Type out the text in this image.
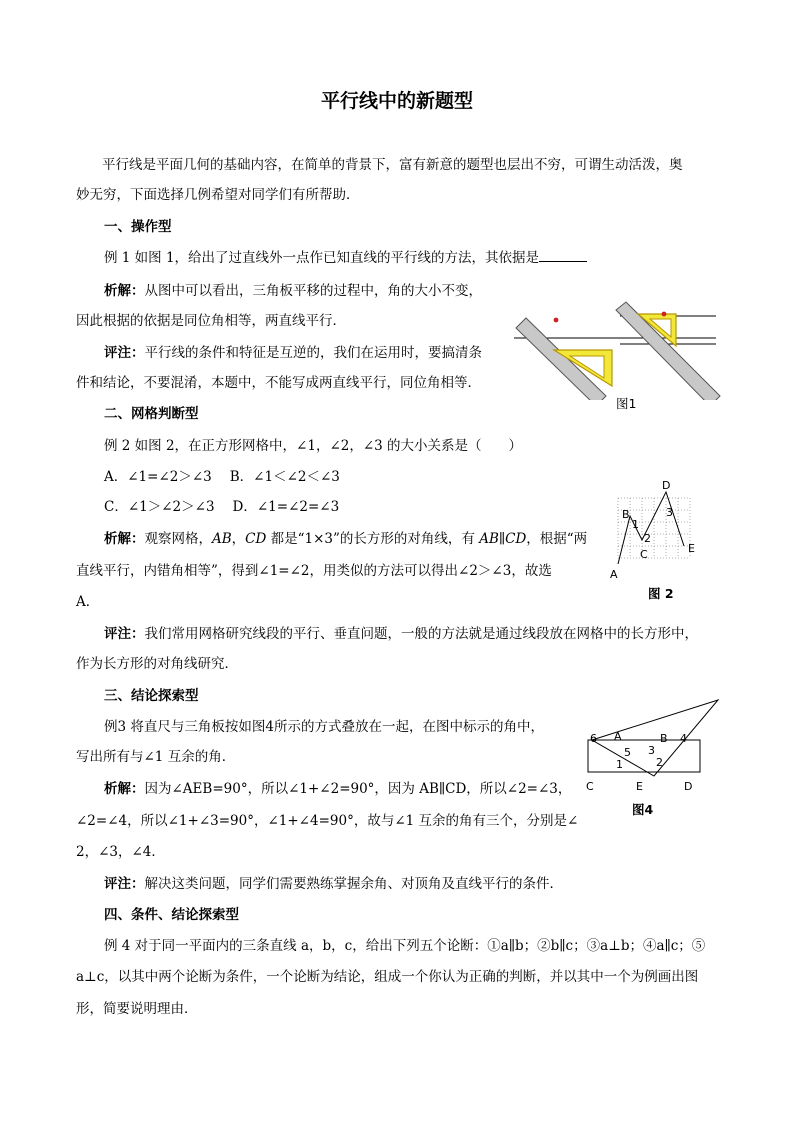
平行线中的新题型
平行线是平面几何的基础内容，在简单的背景下，富有新意的题型也层出不穷，可谓生动活泼，奥
妙无穷，下面选择几例希望对同学们有所帮助．
一、操作型
例 1 如图 1，给出了过直线外一点作已知直线的平行线的方法，其依据是
析解：从图中可以看出，三角板平移的过程中，角的大小不变，
因此根据的依据是同位角相等，两直线平行．
评注：平行线的条件和特征是互逆的，我们在运用时，要搞清条
件和结论，不要混淆，本题中，不能写成两直线平行，同位角相等．
图1
二、网格判断型
例 2 如图 2，在正方形网格中，∠1，∠2，∠3 的大小关系是（　　）
A．∠1=∠2＞∠3 B．∠1＜∠2＜∠3
C．∠1＞∠2＞∠3 D．∠1=∠2=∠3
析解：观察网格，AB，CD 都是“1×3”的长方形的对角线，有 AB∥CD，根据“两
直线平行，内错角相等”，得到∠1=∠2，用类似的方法可以得出∠2＞∠3，故选
A．
评注：我们常用网格研究线段的平行、垂直问题，一般的方法就是通过线段放在网格中的长方形中，
作为长方形的对角线研究．
A
B
C
D
E
1
2
3
图 2
三、结论探索型
例3 将直尺与三角板按如图4所示的方式叠放在一起，在图中标示的角中，
写出所有与∠1 互余的角．
析解：因为∠AEB=90°，所以∠1+∠2=90°，因为 AB∥CD，所以∠2=∠3，
∠2=∠4，所以∠1+∠3=90°，∠1+∠4=90°，故与∠1 互余的角有三个，分别是∠
2，∠3，∠4．
评注：解决这类问题，同学们需要熟练掌握余角、对顶角及直线平行的条件．
6 A	B 4
5 3
1	2
C	E	D
图4
四、条件、结论探索型
例 4 对于同一平面内的三条直线 a，b，c，给出下列五个论断：①a∥b；②b∥c；③a⊥b；④a∥c；⑤
a⊥c，以其中两个论断为条件，一个论断为结论，组成一个你认为正确的判断，并以其中一个为例画出图
形，简要说明理由．
